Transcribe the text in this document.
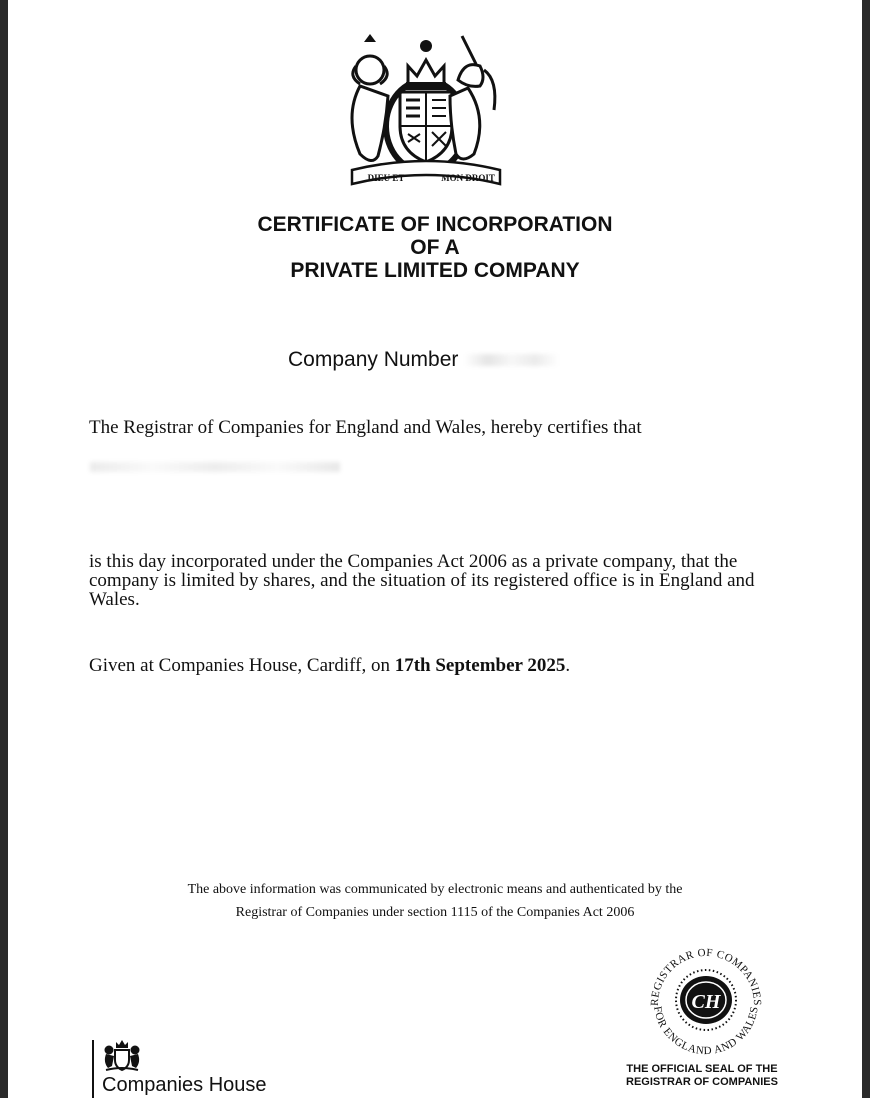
DIEU ET	MON DROIT
CERTIFICATE OF INCORPORATION
OF A
PRIVATE LIMITED COMPANY
Company Number
The Registrar of Companies for England and Wales, hereby certifies that
is this day incorporated under the Companies Act 2006 as a private company, that the company is limited by shares, and the situation of its registered office is in England and Wales.
Given at Companies House, Cardiff, on 17th September 2025.
The above information was communicated by electronic means and authenticated by the
Registrar of Companies under section 1115 of the Companies Act 2006
REGISTRAR OF COMPANIES
FOR ENGLAND AND WALES
CH
THE OFFICIAL SEAL OF THE
REGISTRAR OF COMPANIES
Companies House
